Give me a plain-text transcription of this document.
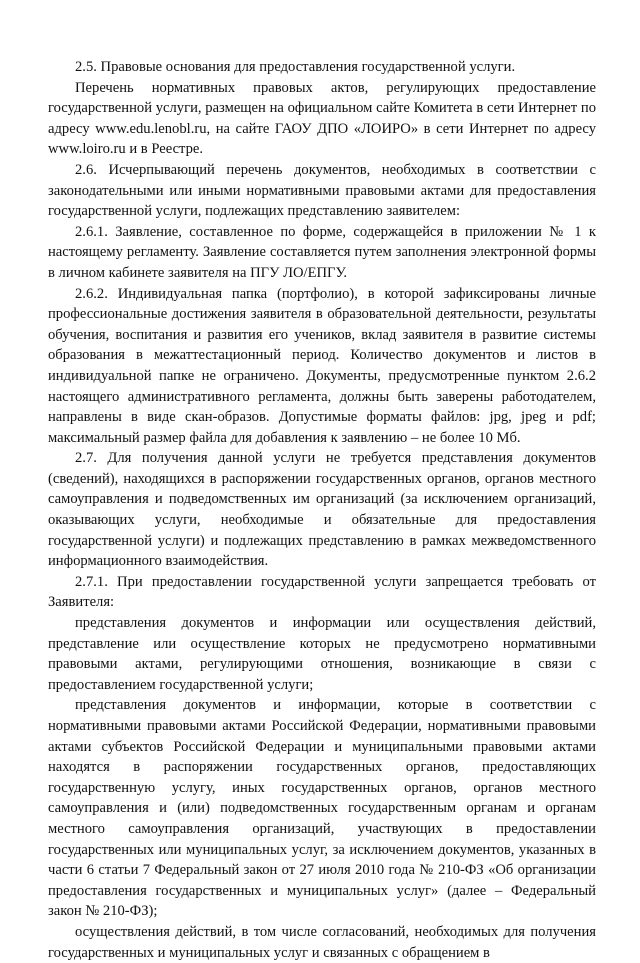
2.5. Правовые основания для предоставления государственной услуги.

Перечень нормативных правовых актов, регулирующих предоставление государственной услуги, размещен на официальном сайте Комитета в сети Интернет по адресу www.edu.lenobl.ru, на сайте ГАОУ ДПО «ЛОИРО» в сети Интернет по адресу www.loiro.ru и в Реестре.

2.6. Исчерпывающий перечень документов, необходимых в соответствии с законодательными или иными нормативными правовыми актами для предоставления государственной услуги, подлежащих представлению заявителем:

2.6.1. Заявление, составленное по форме, содержащейся в приложении № 1 к настоящему регламенту. Заявление составляется путем заполнения электронной формы в личном кабинете заявителя на ПГУ ЛО/ЕПГУ.

2.6.2. Индивидуальная папка (портфолио), в которой зафиксированы личные профессиональные достижения заявителя в образовательной деятельности, результаты обучения, воспитания и развития его учеников, вклад заявителя в развитие системы образования в межаттестационный период. Количество документов и листов в индивидуальной папке не ограничено. Документы, предусмотренные пунктом 2.6.2 настоящего административного регламента, должны быть заверены работодателем, направлены в виде скан-образов. Допустимые форматы файлов: jpg, jpeg и pdf; максимальный размер файла для добавления к заявлению – не более 10 Мб.

2.7. Для получения данной услуги не требуется представления документов (сведений), находящихся в распоряжении государственных органов, органов местного самоуправления и подведомственных им организаций (за исключением организаций, оказывающих услуги, необходимые и обязательные для предоставления государственной услуги) и подлежащих представлению в рамках межведомственного информационного взаимодействия.

2.7.1. При предоставлении государственной услуги запрещается требовать от Заявителя:

представления документов и информации или осуществления действий, представление или осуществление которых не предусмотрено нормативными правовыми актами, регулирующими отношения, возникающие в связи с предоставлением государственной услуги;

представления документов и информации, которые в соответствии с нормативными правовыми актами Российской Федерации, нормативными правовыми актами субъектов Российской Федерации и муниципальными правовыми актами находятся в распоряжении государственных органов, предоставляющих государственную услугу, иных государственных органов, органов местного самоуправления и (или) подведомственных государственным органам и органам местного самоуправления организаций, участвующих в предоставлении государственных или муниципальных услуг, за исключением документов, указанных в части 6 статьи 7 Федеральный закон от 27 июля 2010 года № 210-ФЗ «Об организации предоставления государственных и муниципальных услуг» (далее – Федеральный закон № 210-ФЗ);

осуществления действий, в том числе согласований, необходимых для получения государственных и муниципальных услуг и связанных с обращением в
